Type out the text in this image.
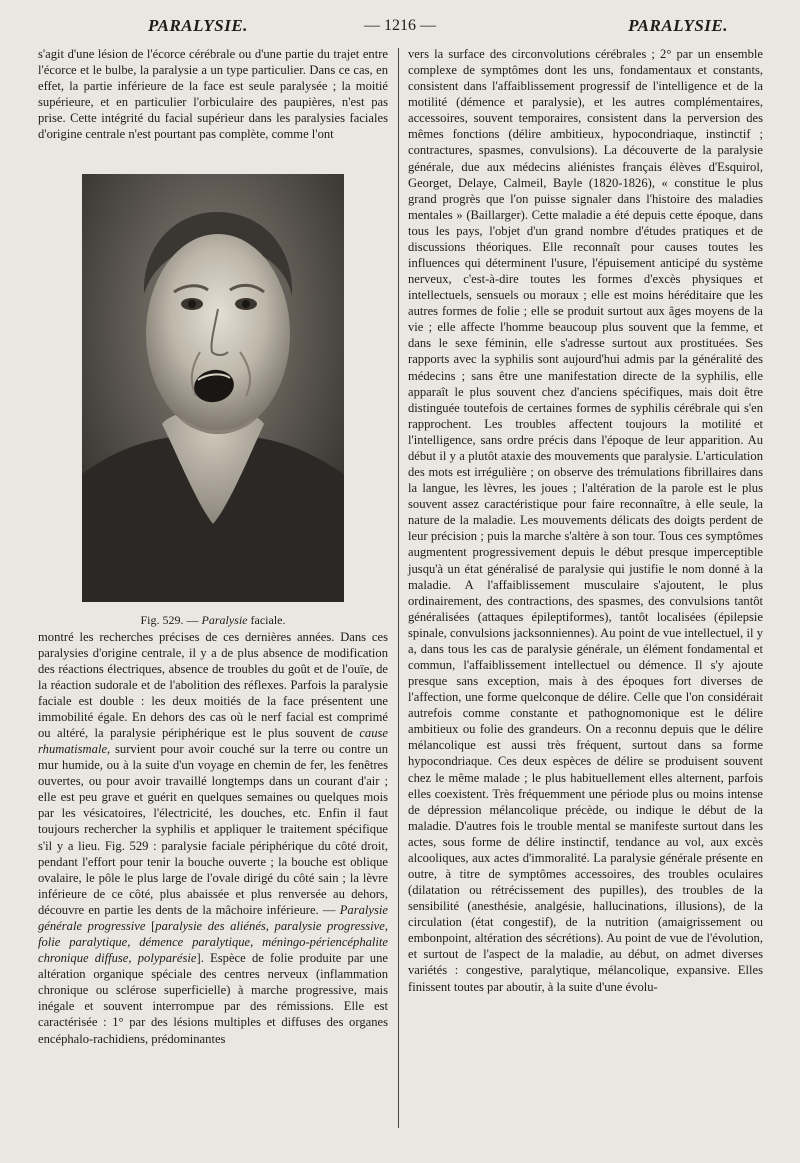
PARALYSIE.	— 1216 —	PARALYSIE.

s'agit d'une lésion de l'écorce cérébrale ou d'une partie du trajet entre l'écorce et le bulbe, la paralysie a un type particulier. Dans ce cas, en effet, la partie inférieure de la face est seule paralysée ; la moitié supérieure, et en particulier l'orbiculaire des paupières, n'est pas prise. Cette intégrité du facial supérieur dans les paralysies faciales d'origine centrale n'est pourtant pas complète, comme l'ont

Fig. 529. — Paralysie faciale.

montré les recherches précises de ces dernières années. Dans ces paralysies d'origine centrale, il y a de plus absence de modification des réactions électriques, absence de troubles du goût et de l'ouïe, de la réaction sudorale et de l'abolition des réflexes. Parfois la paralysie faciale est double : les deux moitiés de la face présentent une immobilité égale. En dehors des cas où le nerf facial est comprimé ou altéré, la paralysie périphérique est le plus souvent de cause rhumatismale, survient pour avoir couché sur la terre ou contre un mur humide, ou à la suite d'un voyage en chemin de fer, les fenêtres ouvertes, ou pour avoir travaillé longtemps dans un courant d'air ; elle est peu grave et guérit en quelques semaines ou quelques mois par les vésicatoires, l'électricité, les douches, etc. Enfin il faut toujours rechercher la syphilis et appliquer le traitement spécifique s'il y a lieu. Fig. 529 : paralysie faciale périphérique du côté droit, pendant l'effort pour tenir la bouche ouverte ; la bouche est oblique ovalaire, le pôle le plus large de l'ovale dirigé du côté sain ; la lèvre inférieure de ce côté, plus abaissée et plus renversée au dehors, découvre en partie les dents de la mâchoire inférieure. — Paralysie générale progressive [paralysie des aliénés, paralysie progressive, folie paralytique, démence paralytique, méningo-périencéphalite chronique diffuse, polyparésie]. Espèce de folie produite par une altération organique spéciale des centres nerveux (inflammation chronique ou sclérose superficielle) à marche progressive, mais inégale et souvent interrompue par des rémissions. Elle est caractérisée : 1° par des lésions multiples et diffuses des organes encéphalo-rachidiens, prédominantes

vers la surface des circonvolutions cérébrales ; 2° par un ensemble complexe de symptômes dont les uns, fondamentaux et constants, consistent dans l'affaiblissement progressif de l'intelligence et de la motilité (démence et paralysie), et les autres complémentaires, accessoires, souvent temporaires, consistent dans la perversion des mêmes fonctions (délire ambitieux, hypocondriaque, instinctif ; contractures, spasmes, convulsions). La découverte de la paralysie générale, due aux médecins aliénistes français élèves d'Esquirol, Georget, Delaye, Calmeil, Bayle (1820-1826), « constitue le plus grand progrès que l'on puisse signaler dans l'histoire des maladies mentales » (Baillarger). Cette maladie a été depuis cette époque, dans tous les pays, l'objet d'un grand nombre d'études pratiques et de discussions théoriques. Elle reconnaît pour causes toutes les influences qui déterminent l'usure, l'épuisement anticipé du système nerveux, c'est-à-dire toutes les formes d'excès physiques et intellectuels, sensuels ou moraux ; elle est moins héréditaire que les autres formes de folie ; elle se produit surtout aux âges moyens de la vie ; elle affecte l'homme beaucoup plus souvent que la femme, et dans le sexe féminin, elle s'adresse surtout aux prostituées. Ses rapports avec la syphilis sont aujourd'hui admis par la généralité des médecins ; sans être une manifestation directe de la syphilis, elle apparaît le plus souvent chez d'anciens spécifiques, mais doit être distinguée toutefois de certaines formes de syphilis cérébrale qui s'en rapprochent. Les troubles affectent toujours la motilité et l'intelligence, sans ordre précis dans l'époque de leur apparition. Au début il y a plutôt ataxie des mouvements que paralysie. L'articulation des mots est irrégulière ; on observe des trémulations fibrillaires dans la langue, les lèvres, les joues ; l'altération de la parole est le plus souvent assez caractéristique pour faire reconnaître, à elle seule, la nature de la maladie. Les mouvements délicats des doigts perdent de leur précision ; puis la marche s'altère à son tour. Tous ces symptômes augmentent progressivement depuis le début presque imperceptible jusqu'à un état généralisé de paralysie qui justifie le nom donné à la maladie. A l'affaiblissement musculaire s'ajoutent, le plus ordinairement, des contractions, des spasmes, des convulsions tantôt généralisées (attaques épileptiformes), tantôt localisées (épilepsie spinale, convulsions jacksonniennes). Au point de vue intellectuel, il y a, dans tous les cas de paralysie générale, un élément fondamental et commun, l'affaiblissement intellectuel ou démence. Il s'y ajoute presque sans exception, mais à des époques fort diverses de l'affection, une forme quelconque de délire. Celle que l'on considérait autrefois comme constante et pathognomonique est le délire ambitieux ou folie des grandeurs. On a reconnu depuis que le délire mélancolique est aussi très fréquent, surtout dans sa forme hypocondriaque. Ces deux espèces de délire se produisent souvent chez le même malade ; le plus habituellement elles alternent, parfois elles coexistent. Très fréquemment une période plus ou moins intense de dépression mélancolique précède, ou indique le début de la maladie. D'autres fois le trouble mental se manifeste surtout dans les actes, sous forme de délire instinctif, tendance au vol, aux excès alcooliques, aux actes d'immoralité. La paralysie générale présente en outre, à titre de symptômes accessoires, des troubles oculaires (dilatation ou rétrécissement des pupilles), des troubles de la sensibilité (anesthésie, analgésie, hallucinations, illusions), de la circulation (état congestif), de la nutrition (amaigrissement ou embonpoint, altération des sécrétions). Au point de vue de l'évolution, et surtout de l'aspect de la maladie, au début, on admet diverses variétés : congestive, paralytique, mélancolique, expansive. Elles finissent toutes par aboutir, à la suite d'une évolu-
